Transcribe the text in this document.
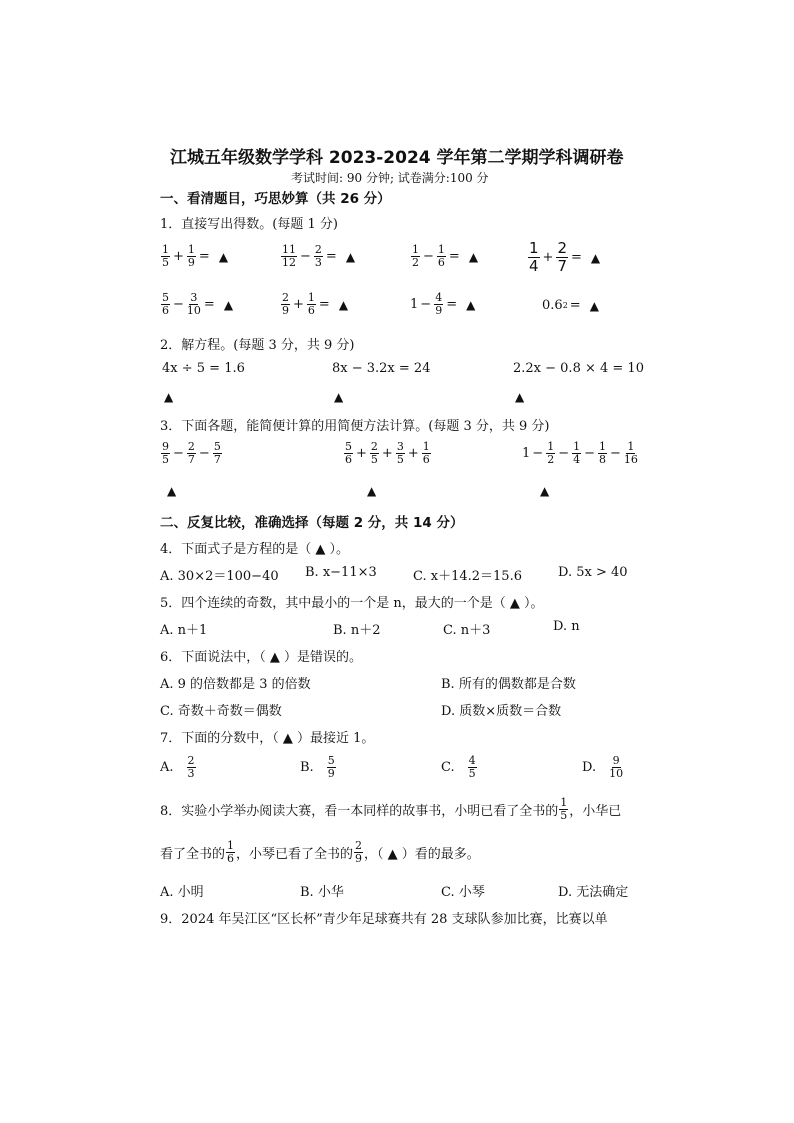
江城五年级数学学科 2023-2024 学年第二学期学科调研卷
考试时间: 90 分钟; 试卷满分:100 分
一、看清题目，巧思妙算（共 26 分）
1．直接写出得数。(每题 1 分)
$\frac{1}{5} + \frac{1}{9}$ = ▲	$\frac{11}{12} - \frac{2}{3}$ = ▲	$\frac{1}{2} - \frac{1}{6}$ = ▲	$\frac{1}{4} + \frac{2}{7}$ = ▲
$\frac{5}{6} - \frac{3}{10}$ = ▲	$\frac{2}{9} + \frac{1}{6}$ = ▲	$1 - \frac{4}{9}$ = ▲	0.6 2 = ▲
2．解方程。(每题 3 分，共 9 分)
4x ÷ 5 = 1.6	8x − 3.2x = 24	2.2x − 0.8 × 4 = 10
▲	▲	▲
3．下面各题，能简便计算的用简便方法计算。(每题 3 分，共 9 分)
$\frac{9}{5} - \frac{2}{7} - \frac{5}{7}$	$\frac{5}{6} + \frac{2}{5} + \frac{3}{5} + \frac{1}{6}$	$1 - \frac{1}{2} - \frac{1}{4} - \frac{1}{8} - \frac{1}{16}$
▲	▲	▲
二、反复比较，准确选择（每题 2 分，共 14 分）
4．下面式子是方程的是（ ▲ ）。
A. 30×2＝100−40 B. x−11×3	C. x＋14.2＝15.6	D. 5x > 40
5．四个连续的奇数，其中最小的一个是 n，最大的一个是（ ▲ ）。
A. n＋1	B. n＋2	C. n＋3	D. n
6．下面说法中，（ ▲ ）是错误的。
A. 9 的倍数都是 3 的倍数	B. 所有的偶数都是合数
C. 奇数＋奇数＝偶数	D. 质数×质数＝合数
7．下面的分数中，（ ▲ ）最接近 1。
A. $\frac{2}{3}$	B. $\frac{5}{9}$	C. $\frac{4}{5}$	D. $\frac{9}{10}$
8．实验小学举办阅读大赛，看一本同样的故事书，小明已看了全书的 $\frac{1}{5}$ ，小华已
看了全书的 $\frac{1}{6}$ ，小琴已看了全书的 $\frac{2}{9}$ ，（ ▲ ）看的最多。
A. 小明	B. 小华	C. 小琴	D. 无法确定
9．2024 年吴江区“区长杯”青少年足球赛共有 28 支球队参加比赛，比赛以单
